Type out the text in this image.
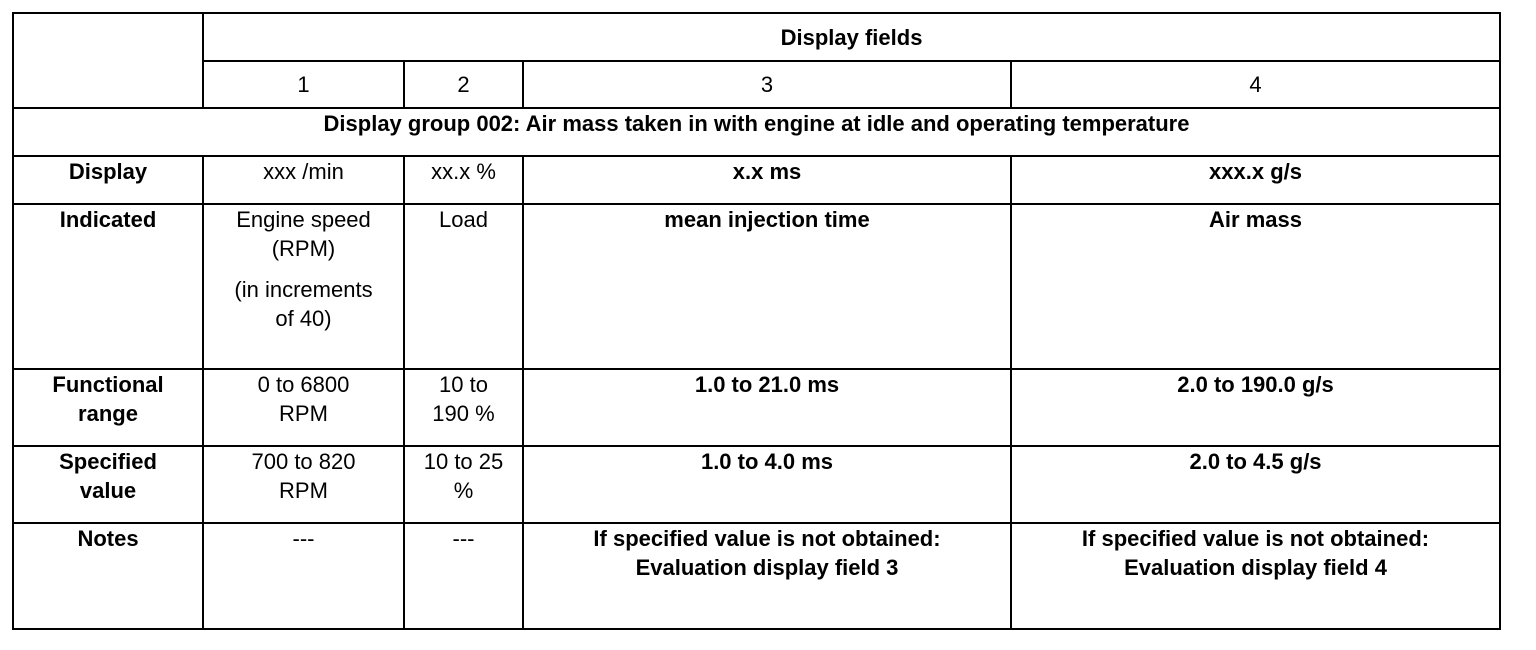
	Display fields			
	1	2	3	4
Display group 002: Air mass taken in with engine at idle and operating temperature				
Display	xxx /min	xx.x %	x.x ms	xxx.x g/s
Indicated	Engine speed
(RPM)
(in increments
of 40)	Load	mean injection time	Air mass
Functional
range	0 to 6800
RPM	10 to
190 %	1.0 to 21.0 ms	2.0 to 190.0 g/s
Specified
value	700 to 820
RPM	10 to 25
%	1.0 to 4.0 ms	2.0 to 4.5 g/s
Notes	---	---	If specified value is not obtained:
Evaluation display field 3	If specified value is not obtained:
Evaluation display field 4
